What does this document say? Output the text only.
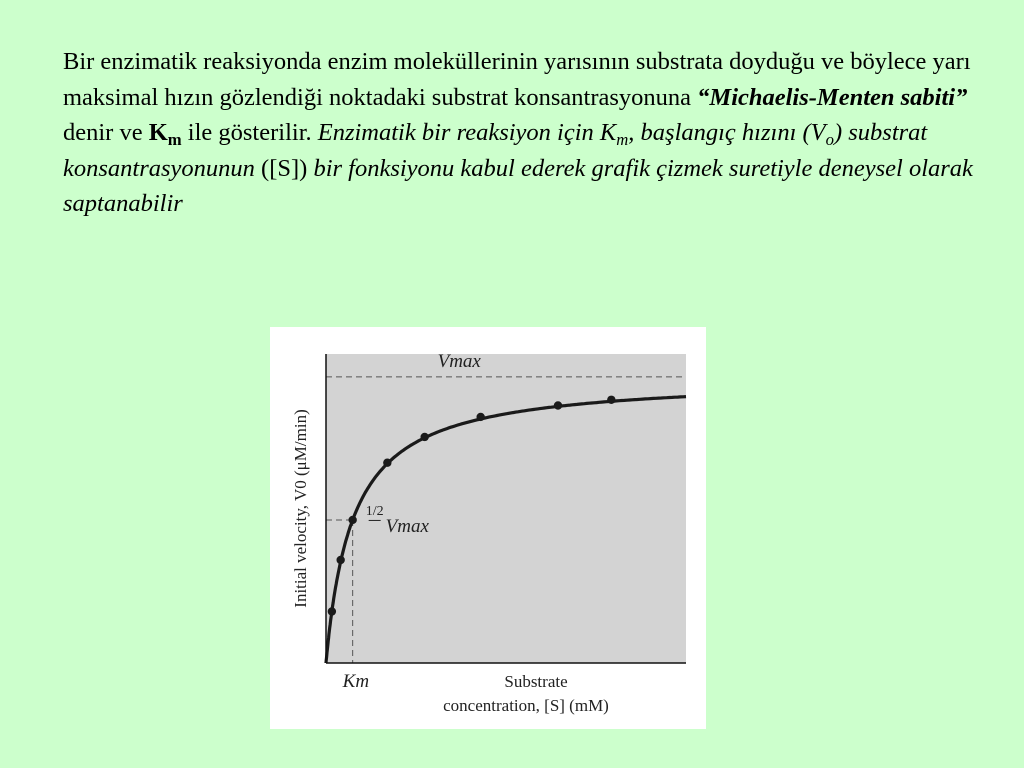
Bir enzimatik reaksiyonda enzim moleküllerinin yarısının substrata doyduğu ve böylece yarı maksimal hızın gözlendiği noktadaki substrat konsantrasyonuna “Michaelis-Menten sabiti” denir ve $K_m$ ile gösterilir. Enzimatik bir reaksiyon için $K_m$, başlangıç hızını $(V_o)$ substrat konsantrasyonunun ([S]) bir fonksiyonu kabul ederek grafik çizmek suretiyle deneysel olarak saptanabilir
Vmax
1/2
Vmax
Km	Substrate concentration, [S] (mM)
Initial velocity, V0 (μM/min)
